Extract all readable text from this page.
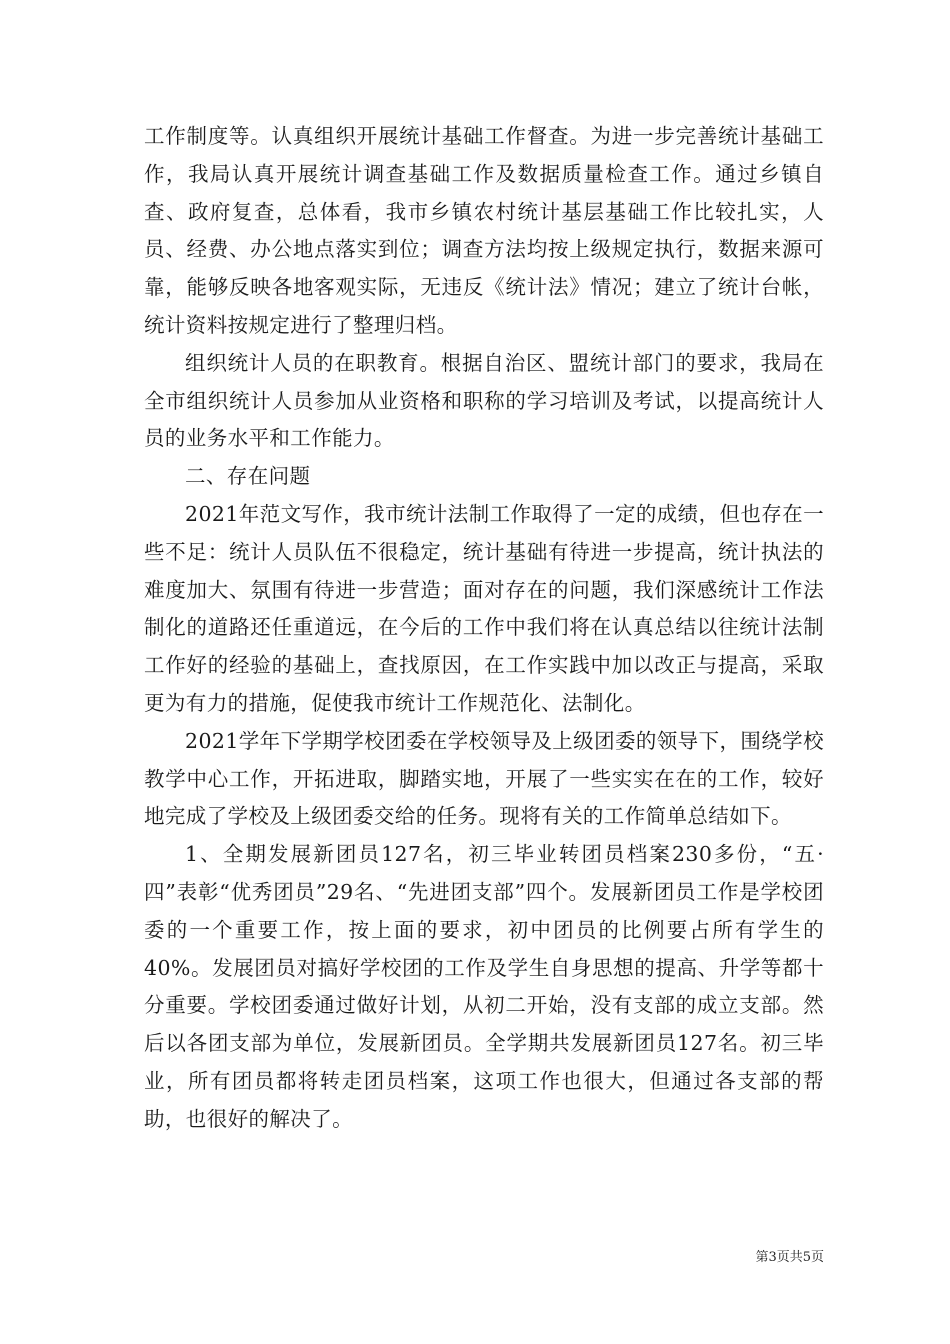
工作制度等。认真组织开展统计基础工作督查。为进一步完善统计基础工作，我局认真开展统计调查基础工作及数据质量检查工作。通过乡镇自查、政府复查，总体看，我市乡镇农村统计基层基础工作比较扎实，人员、经费、办公地点落实到位；调查方法均按上级规定执行，数据来源可靠，能够反映各地客观实际，无违反《统计法》情况；建立了统计台帐，统计资料按规定进行了整理归档。

组织统计人员的在职教育。根据自治区、盟统计部门的要求，我局在全市组织统计人员参加从业资格和职称的学习培训及考试，以提高统计人员的业务水平和工作能力。

二、存在问题

2021年范文写作，我市统计法制工作取得了一定的成绩，但也存在一些不足：统计人员队伍不很稳定，统计基础有待进一步提高，统计执法的难度加大、氛围有待进一步营造；面对存在的问题，我们深感统计工作法制化的道路还任重道远，在今后的工作中我们将在认真总结以往统计法制工作好的经验的基础上，查找原因，在工作实践中加以改正与提高，采取更为有力的措施，促使我市统计工作规范化、法制化。

2021学年下学期学校团委在学校领导及上级团委的领导下，围绕学校教学中心工作，开拓进取，脚踏实地，开展了一些实实在在的工作，较好地完成了学校及上级团委交给的任务。现将有关的工作简单总结如下。

1、全期发展新团员127名，初三毕业转团员档案230多份，“五·四”表彰“优秀团员”29名、“先进团支部”四个。发展新团员工作是学校团委的一个重要工作，按上面的要求，初中团员的比例要占所有学生的40%。发展团员对搞好学校团的工作及学生自身思想的提高、升学等都十分重要。学校团委通过做好计划，从初二开始，没有支部的成立支部。然后以各团支部为单位，发展新团员。全学期共发展新团员127名。初三毕业，所有团员都将转走团员档案，这项工作也很大，但通过各支部的帮助，也很好的解决了。

第3页共5页
